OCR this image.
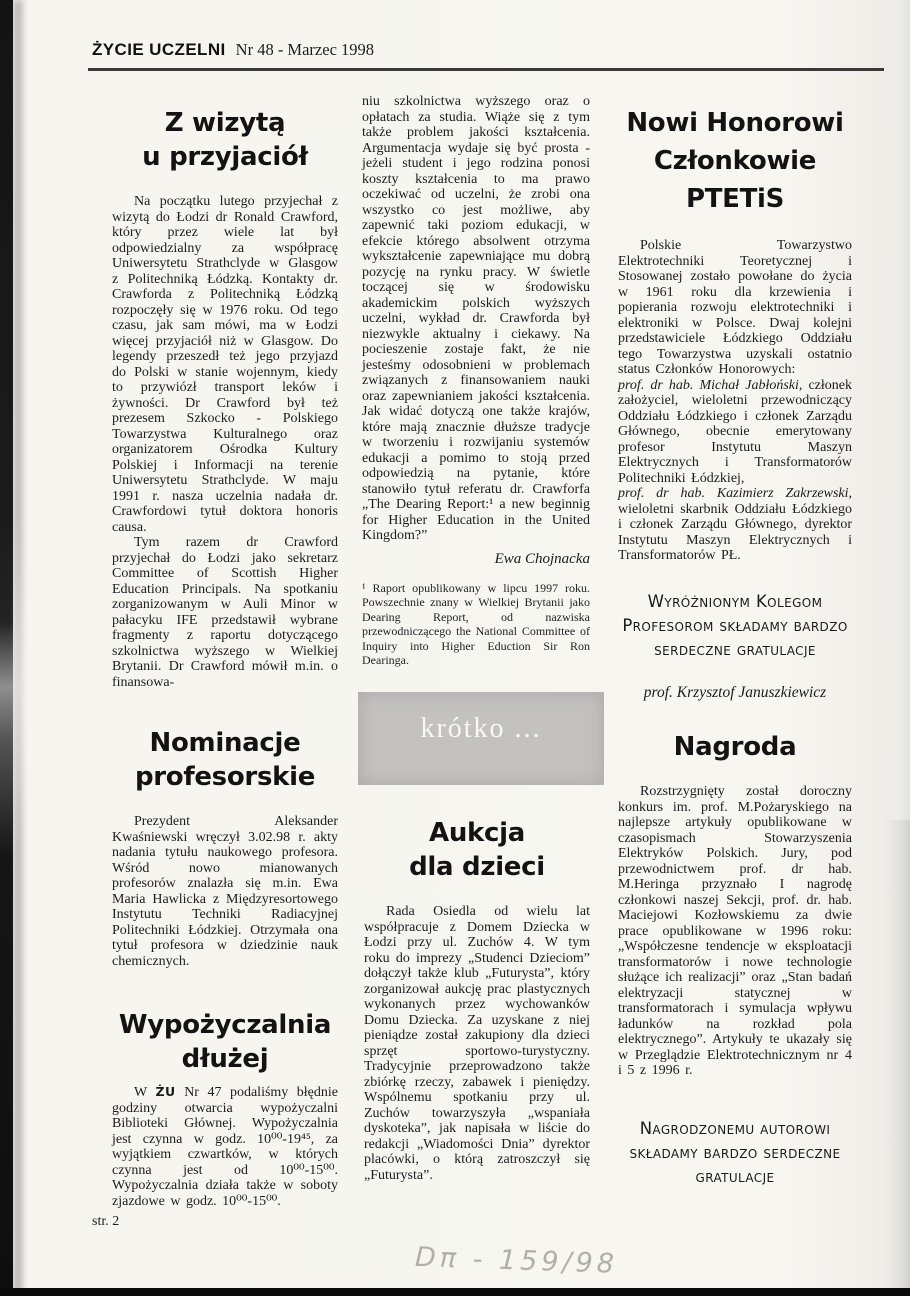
ŻYCIE UCZELNI Nr 48 - Marzec 1998
Z wizytą
u przyjaciół

Na początku lutego przyjechał z wizytą do Łodzi dr Ronald Crawford, który przez wiele lat był odpowiedzialny za współpracę Uniwersytetu Strathclyde w Glasgow z Politechniką Łódzką. Kontakty dr. Crawforda z Politechniką Łódzką rozpoczęły się w 1976 roku. Od tego czasu, jak sam mówi, ma w Łodzi więcej przyjaciół niż w Glasgow. Do legendy przeszedł też jego przyjazd do Polski w stanie wojennym, kiedy to przywiózł transport leków i żywności. Dr Crawford był też prezesem Szkocko - Polskiego Towarzystwa Kulturalnego oraz organizatorem Ośrodka Kultury Polskiej i Informacji na terenie Uniwersytetu Strathclyde. W maju 1991 r. nasza uczelnia nadała dr. Crawfordowi tytuł doktora honoris causa.

Tym razem dr Crawford przyjechał do Łodzi jako sekretarz Committee of Scottish Higher Education Principals. Na spotkaniu zorganizowanym w Auli Minor w pałacyku IFE przedstawił wybrane fragmenty z raportu dotyczącego szkolnictwa wyższego w Wielkiej Brytanii. Dr Crawford mówił m.in. o finansowa-

niu szkolnictwa wyższego oraz o opłatach za studia. Wiąże się z tym także problem jakości kształcenia. Argumentacja wydaje się być prosta - jeżeli student i jego rodzina ponosi koszty kształcenia to ma prawo oczekiwać od uczelni, że zrobi ona wszystko co jest możliwe, aby zapewnić taki poziom edukacji, w efekcie którego absolwent otrzyma wykształcenie zapewniające mu dobrą pozycję na rynku pracy. W świetle toczącej się w środowisku akademickim polskich wyższych uczelni, wykład dr. Crawforda był niezwykle aktualny i ciekawy. Na pocieszenie zostaje fakt, że nie jesteśmy odosobnieni w problemach związanych z finansowaniem nauki oraz zapewnianiem jakości kształcenia. Jak widać dotyczą one także krajów, które mają znacznie dłuższe tradycje w tworzeniu i rozwijaniu systemów edukacji a pomimo to stoją przed odpowiedzią na pytanie, które stanowiło tytuł referatu dr. Crawforfa „The Dearing Report:¹ a new beginnig for Higher Education in the United Kingdom?”

Ewa Chojnacka

¹ Raport opublikowany w lipcu 1997 roku. Powszechnie znany w Wielkiej Brytanii jako Dearing Report, od nazwiska przewodniczącego the National Committee of Inquiry into Higher Eduction Sir Ron Dearinga.

Nowi Honorowi
Członkowie
PTETiS

Polskie Towarzystwo Elektrotechniki Teoretycznej i Stosowanej zostało powołane do życia w 1961 roku dla krzewienia i popierania rozwoju elektrotechniki i elektroniki w Polsce. Dwaj kolejni przedstawiciele Łódzkiego Oddziału tego Towarzystwa uzyskali ostatnio status Członków Honorowych:

prof. dr hab. Michał Jabłoński, członek założyciel, wieloletni przewodniczący Oddziału Łódzkiego i członek Zarządu Głównego, obecnie emerytowany profesor Instytutu Maszyn Elektrycznych i Transformatorów Politechniki Łódzkiej,

prof. dr hab. Kazimierz Zakrzewski, wieloletni skarbnik Oddziału Łódzkiego i członek Zarządu Głównego, dyrektor Instytutu Maszyn Elektrycznych i Transformatorów PŁ.

Wyróżnionym Kolegom
Profesorom składamy bardzo
serdeczne gratulacje

prof. Krzysztof Januszkiewicz

Nominacje
profesorskie

Prezydent Aleksander Kwaśniewski wręczył 3.02.98 r. akty nadania tytułu naukowego profesora. Wśród nowo mianowanych profesorów znalazła się m.in. Ewa Maria Hawlicka z Międzyresortowego Instytutu Techniki Radiacyjnej Politechniki Łódzkiej. Otrzymała ona tytuł profesora w dziedzinie nauk chemicznych.

Wypożyczalnia
dłużej

W ŻU Nr 47 podaliśmy błędnie godziny otwarcia wypożyczalni Biblioteki Głównej. Wypożyczalnia jest czynna w godz. 10⁰⁰-19⁴⁵, za wyjątkiem czwartków, w których czynna jest od 10⁰⁰-15⁰⁰. Wypożyczalnia działa także w soboty zjazdowe w godz. 10⁰⁰-15⁰⁰.

krótko ...
Aukcja
dla dzieci

Rada Osiedla od wielu lat współpracuje z Domem Dziecka w Łodzi przy ul. Zuchów 4. W tym roku do imprezy „Studenci Dzieciom” dołączył także klub „Futurysta”, który zorganizował aukcję prac plastycznych wykonanych przez wychowanków Domu Dziecka. Za uzyskane z niej pieniądze został zakupiony dla dzieci sprzęt sportowo-turystyczny. Tradycyjnie przeprowadzono także zbiórkę rzeczy, zabawek i pieniędzy. Wspólnemu spotkaniu przy ul. Zuchów towarzyszyła „wspaniała dyskoteka”, jak napisała w liście do redakcji „Wiadomości Dnia” dyrektor placówki, o którą zatroszczył się „Futurysta”.

Nagroda

Rozstrzygnięty został doroczny konkurs im. prof. M.Pożaryskiego na najlepsze artykuły opublikowane w czasopismach Stowarzyszenia Elektryków Polskich. Jury, pod przewodnictwem prof. dr hab. M.Heringa przyznało I nagrodę członkowi naszej Sekcji, prof. dr. hab. Maciejowi Kozłowskiemu za dwie prace opublikowane w 1996 roku: „Współczesne tendencje w eksploatacji transformatorów i nowe technologie służące ich realizacji” oraz „Stan badań elektryzacji statycznej w transformatorach i symulacja wpływu ładunków na rozkład pola elektrycznego”. Artykuły te ukazały się w Przeglądzie Elektrotechnicznym nr 4 i 5 z 1996 r.

Nagrodzonemu autorowi
składamy bardzo serdeczne
gratulacje
str. 2
Dπ - 159/98
